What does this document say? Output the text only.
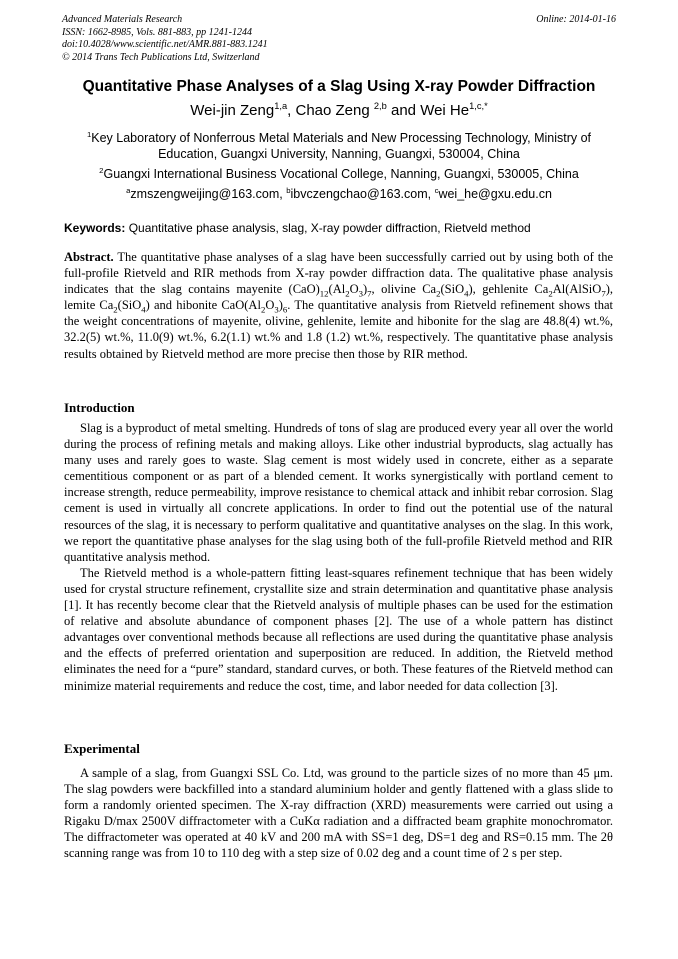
Advanced Materials Research
ISSN: 1662-8985, Vols. 881-883, pp 1241-1244
doi:10.4028/www.scientific.net/AMR.881-883.1241
© 2014 Trans Tech Publications Ltd, Switzerland
Online: 2014-01-16
Quantitative Phase Analyses of a Slag Using X-ray Powder Diffraction
Wei-jin Zeng$^{1,a}$, Chao Zeng $^{2,b}$ and Wei $He^{1,c,*}$
$^1$Key Laboratory of Nonferrous Metal Materials and New Processing Technology, Ministry of
Education, Guangxi University, Nanning, Guangxi, 530004, China
$^2$Guangxi International Business Vocational College, Nanning, Guangxi, 530005, China
$^a$zmszengweijing@163.com, $^b$ibvczengchao@163.com, $^c$wei_he@gxu.edu.cn
Keywords: Quantitative phase analysis, slag, X-ray powder diffraction, Rietveld method

Abstract. The quantitative phase analyses of a slag have been successfully carried out by using both of the full-profile Rietveld and RIR methods from X-ray powder diffraction data. The qualitative phase analysis indicates that the slag contains mayenite $(CaO)_{12}(Al_2O_3)_7$, olivine $Ca_2(SiO_4)$, gehlenite $Ca_2Al(AlSiO_7)$, lemite $Ca_2(SiO_4)$ and hibonite $CaO(Al_2O_3)_6$. The quantitative analysis from Rietveld refinement shows that the weight concentrations of mayenite, olivine, gehlenite, lemite and hibonite for the slag are 48.8(4) wt.%, 32.2(5) wt.%, 11.0(9) wt.%, 6.2(1.1) wt.% and 1.8 (1.2) wt.%, respectively. The quantitative phase analysis results obtained by Rietveld method are more precise then those by RIR method.

Introduction

Slag is a byproduct of metal smelting. Hundreds of tons of slag are produced every year all over the world during the process of refining metals and making alloys. Like other industrial byproducts, slag actually has many uses and rarely goes to waste. Slag cement is most widely used in concrete, either as a separate cementitious component or as part of a blended cement. It works synergistically with portland cement to increase strength, reduce permeability, improve resistance to chemical attack and inhibit rebar corrosion. Slag cement is used in virtually all concrete applications. In order to find out the potential use of the natural resources of the slag, it is necessary to perform qualitative and quantitative analyses on the slag. In this work, we report the quantitative phase analyses for the slag using both of the full-profile Rietveld method and RIR quantitative analysis method.

The Rietveld method is a whole-pattern fitting least-squares refinement technique that has been widely used for crystal structure refinement, crystallite size and strain determination and quantitative phase analysis [1]. It has recently become clear that the Rietveld analysis of multiple phases can be used for the estimation of relative and absolute abundance of component phases [2]. The use of a whole pattern has distinct advantages over conventional methods because all reflections are used during the quantitative phase analysis and the effects of preferred orientation and superposition are reduced. In addition, the Rietveld method eliminates the need for a “pure” standard, standard curves, or both. These features of the Rietveld method can minimize material requirements and reduce the cost, time, and labor needed for data collection [3].

Experimental

A sample of a slag, from Guangxi SSL Co. Ltd, was ground to the particle sizes of no more than 45 μm. The slag powders were backfilled into a standard aluminium holder and gently flattened with a glass slide to form a randomly oriented specimen. The X-ray diffraction (XRD) measurements were carried out using a Rigaku D/max 2500V diffractometer with a CuKα radiation and a diffracted beam graphite monochromator. The diffractometer was operated at 40 kV and 200 mA with SS=1 deg, DS=1 deg and RS=0.15 mm. The 2θ scanning range was from 10 to 110 deg with a step size of 0.02 deg and a count time of 2 s per step.
